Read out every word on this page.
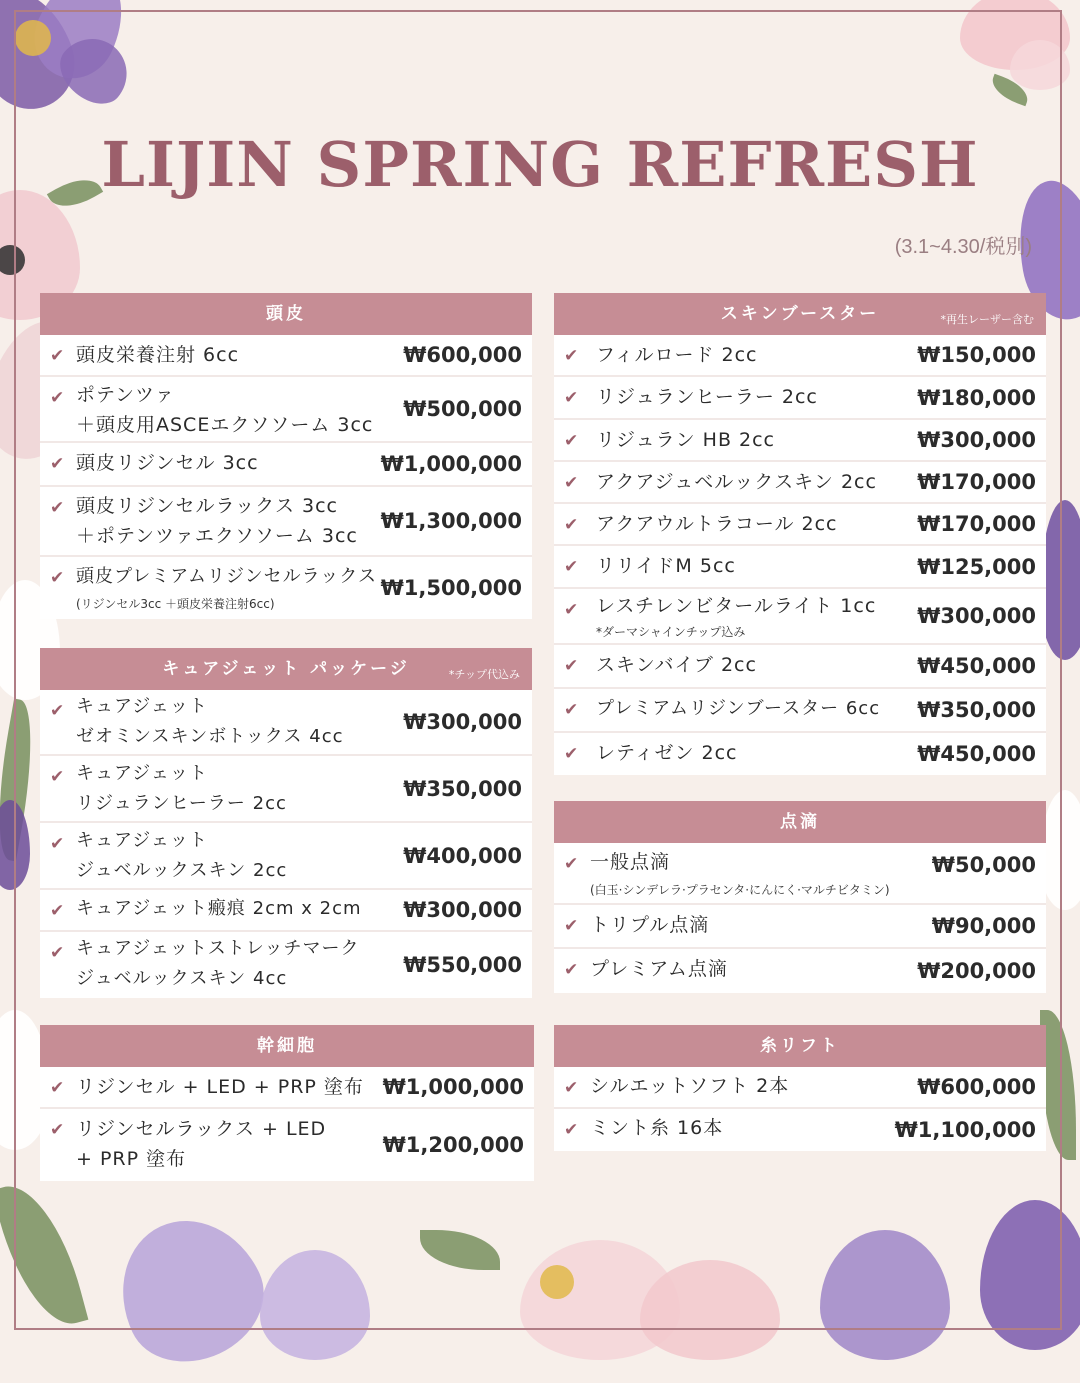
LIJIN SPRING REFRESH
(3.1~4.30/税別)
頭皮
✔ 頭皮栄養注射 6cc	₩600,000
✔ ポテンツァ
＋頭皮用ASCEエクソソーム 3cc
₩500,000
✔ 頭皮リジンセル 3cc	₩1,000,000
✔ 頭皮リジンセルラックス 3cc
＋ポテンツァエクソソーム 3cc
₩1,300,000
✔ 頭皮プレミアムリジンセルラックス
(リジンセル3cc ＋頭皮栄養注射6cc)
₩1,500,000
キュアジェット パッケージ	*チップ代込み
✔ キュアジェット
ゼオミンスキンボトックス 4cc
₩300,000
✔ キュアジェット
リジュランヒーラー 2cc
₩350,000
✔ キュアジェット
ジュベルックスキン 2cc
₩400,000
✔ キュアジェット瘢痕 2cm x 2cm ₩300,000
✔ キュアジェットストレッチマーク
ジュベルックスキン 4cc
₩550,000
幹細胞
✔ リジンセル + LED + PRP 塗布 ₩1,000,000
✔ リジンセルラックス + LED
+ PRP 塗布
₩1,200,000
スキンブースター	*再生レーザー含む
✔ フィルロード 2cc	₩150,000
✔ リジュランヒーラー 2cc	₩180,000
✔ リジュラン HB 2cc	₩300,000
✔ アクアジュベルックスキン 2cc ₩170,000
✔ アクアウルトラコール 2cc	₩170,000
✔ リリイドM 5cc	₩125,000
✔ レスチレンビタールライト 1cc
*ダーマシャインチップ込み
₩300,000
✔ スキンバイブ 2cc	₩450,000
✔ プレミアムリジンブースター 6cc ₩350,000
✔ レティゼン 2cc	₩450,000
点滴
✔ 一般点滴
(白玉·シンデレラ·プラセンタ·にんにく·マルチビタミン)
₩50,000
✔ トリプル点滴	₩90,000
✔ プレミアム点滴	₩200,000
糸リフト
✔ シルエットソフト 2本	₩600,000
✔ ミント糸 16本	₩1,100,000
